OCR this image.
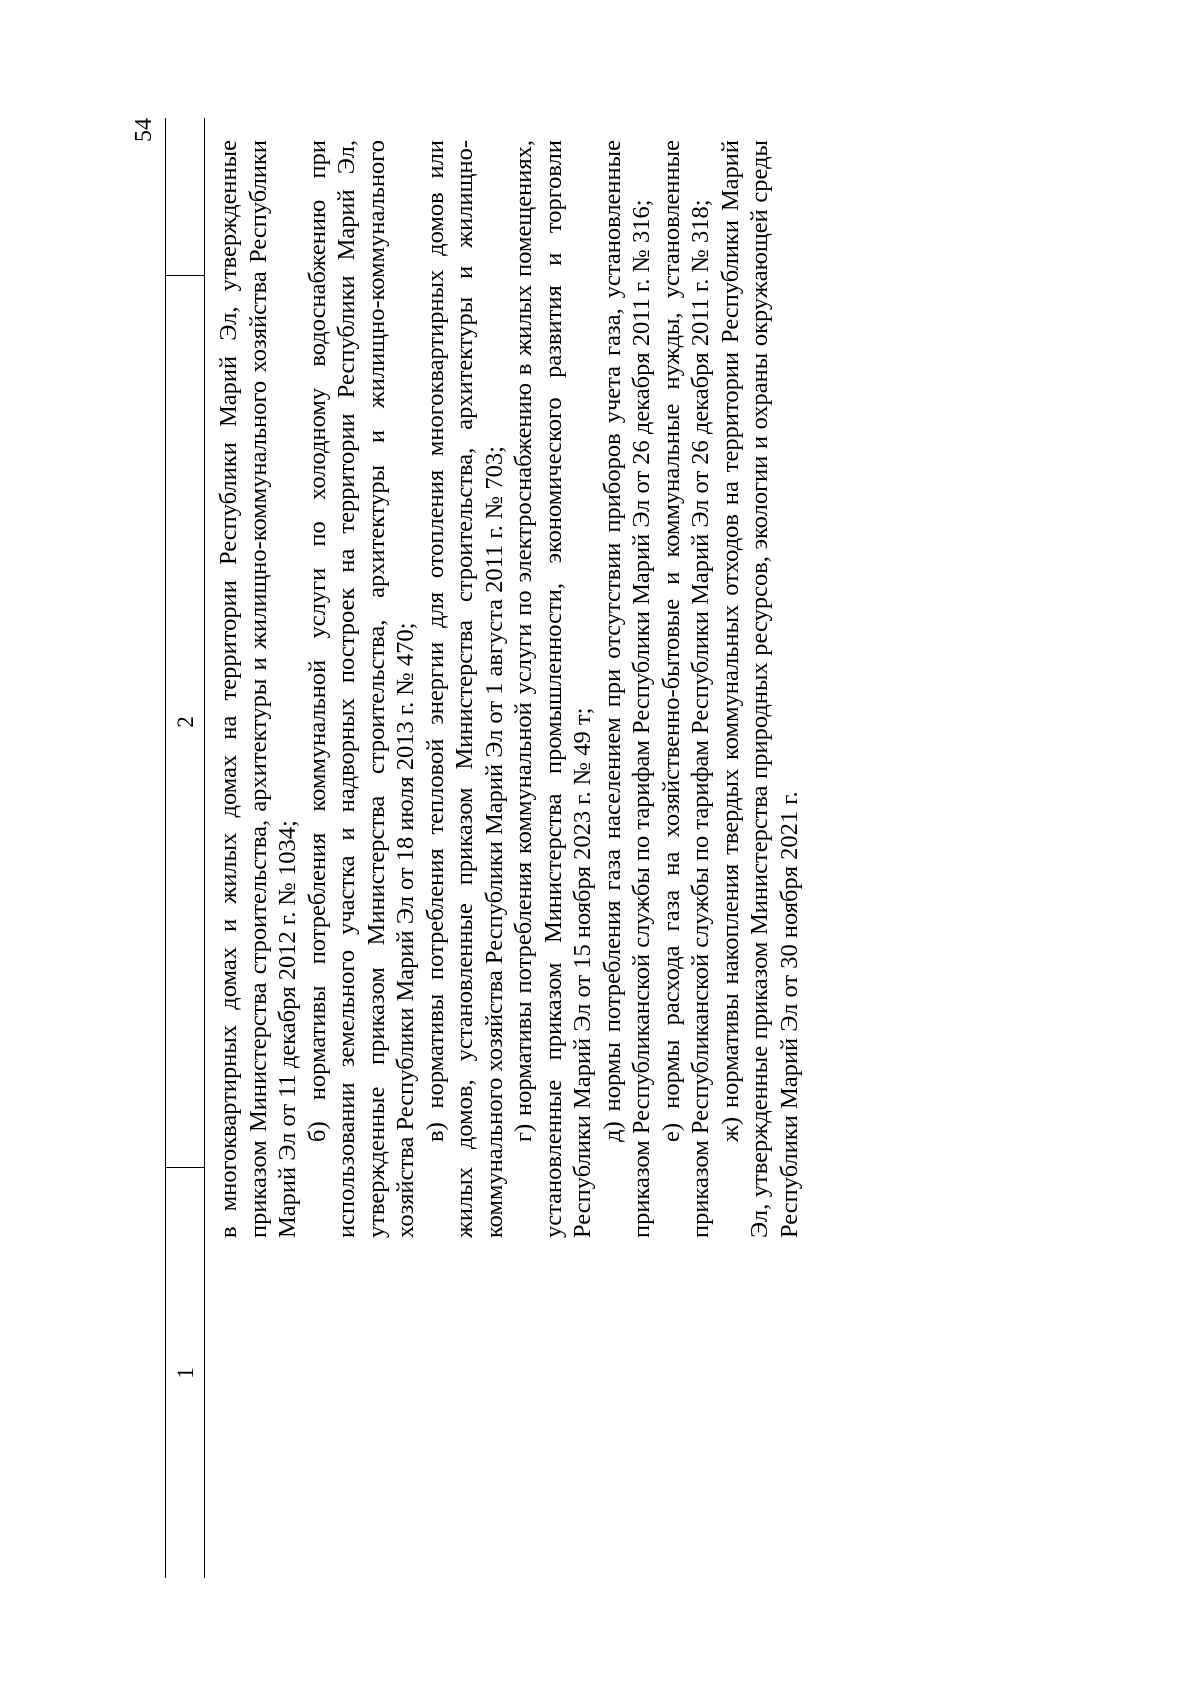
54
1
2 в многоквартирных домах и жилых домах на территории Республики Марий Эл, утвержденные приказом Министерства строительства, архитектуры и жилищно-коммунального хозяйства Республики Марий Эл от 11 декабря 2012 г. № 1034; б) нормативы потребления коммунальной услуги по холодному водоснабжению при использовании земельного участка и надворных построек на территории Республики Марий Эл, утвержденные приказом Министерства строительства, архитектуры и жилищно-коммунального хозяйства Республики Марий Эл от 18 июля 2013 г. № 470; в) нормативы потребления тепловой энергии для отопления многоквартирных домов или жилых домов, установленные приказом Министерства строительства, архитектуры и жилищно-коммунального хозяйства Республики Марий Эл от 1 августа 2011 г. № 703; г) нормативы потребления коммунальной услуги по электроснабжению в жилых помещениях, установленные приказом Министерства промышленности, экономического развития и торговли Республики Марий Эл от 15 ноября 2023 г. № 49 т; д) нормы потребления газа населением при отсутствии приборов учета газа, установленные приказом Республиканской службы по тарифам Республики Марий Эл от 26 декабря 2011 г. № 316; е) нормы расхода газа на хозяйственно-бытовые и коммунальные нужды, установленные приказом Республиканской службы по тарифам Республики Марий Эл от 26 декабря 2011 г. № 318; ж) нормативы накопления твердых коммунальных отходов на территории Республики Марий Эл, утвержденные приказом Министерства природных ресурсов, экологии и охраны окружающей среды Республики Марий Эл от 30 ноября 2021 г.
